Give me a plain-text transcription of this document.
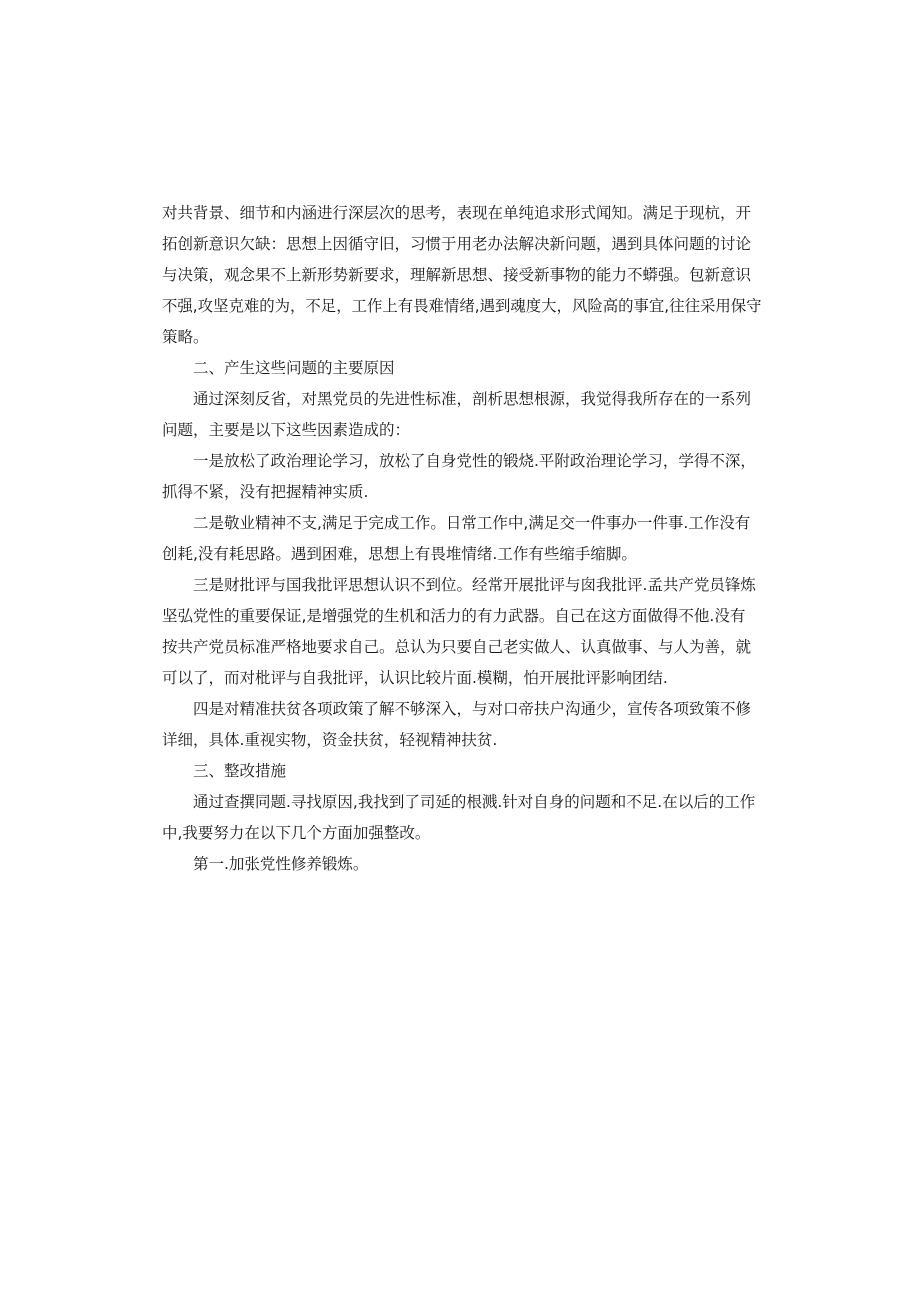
对共背景、细节和内涵进行深层次的思考，表现在单纯追求形式闻知。满足于现杭，开
拓创新意识欠缺：思想上因循守旧，习惯于用老办法解决新问题，遇到具体问题的讨论
与决策，观念果不上新形势新要求，理解新思想、接受新事物的能力不蟒强。包新意识
不强,攻坚克难的为，不足，工作上有畏难情绪,遇到魂度大，风险高的事宜,往往采用保守
策略。

二、产生这些问题的主要原因

通过深刻反省，对黑党员的先进性标准，剖析思想根源，我觉得我所存在的一系列
问题，主要是以下这些因素造成的：

一是放松了政治理论学习，放松了自身党性的锻烧.平附政治理论学习，学得不深，
抓得不紧，没有把握精神实质.

二是敬业精神不支,满足于完成工作。日常工作中,满足交一件事办一件事.工作没有
创耗,没有耗思路。遇到困难，思想上有畏堆情绪.工作有些缩手缩脚。

三是财批评与国我批评思想认识不到位。经常开展批评与囱我批评.孟共产党员锋炼
坚弘党性的重要保证,是增强党的生机和活力的有力武器。自己在这方面做得不他.没有
按共产党员标准严格地要求自己。总认为只要自己老实做人、认真做事、与人为善，就
可以了，而对枇评与自我批评，认识比较片面.模糊，怕开展批评影响团结.

四是对精准扶贫各项政策了解不够深入，与对口帝扶户沟通少，宣传各项致策不修
详细，具体.重视实物，资金扶贫，轻视精神扶贫.

三、整改措施

通过查撰同题.寻找原因,我找到了司延的根溅.针对自身的问题和不足.在以后的工作
中,我要努力在以下几个方面加强整改。

第一.加张党性修养锻炼。
